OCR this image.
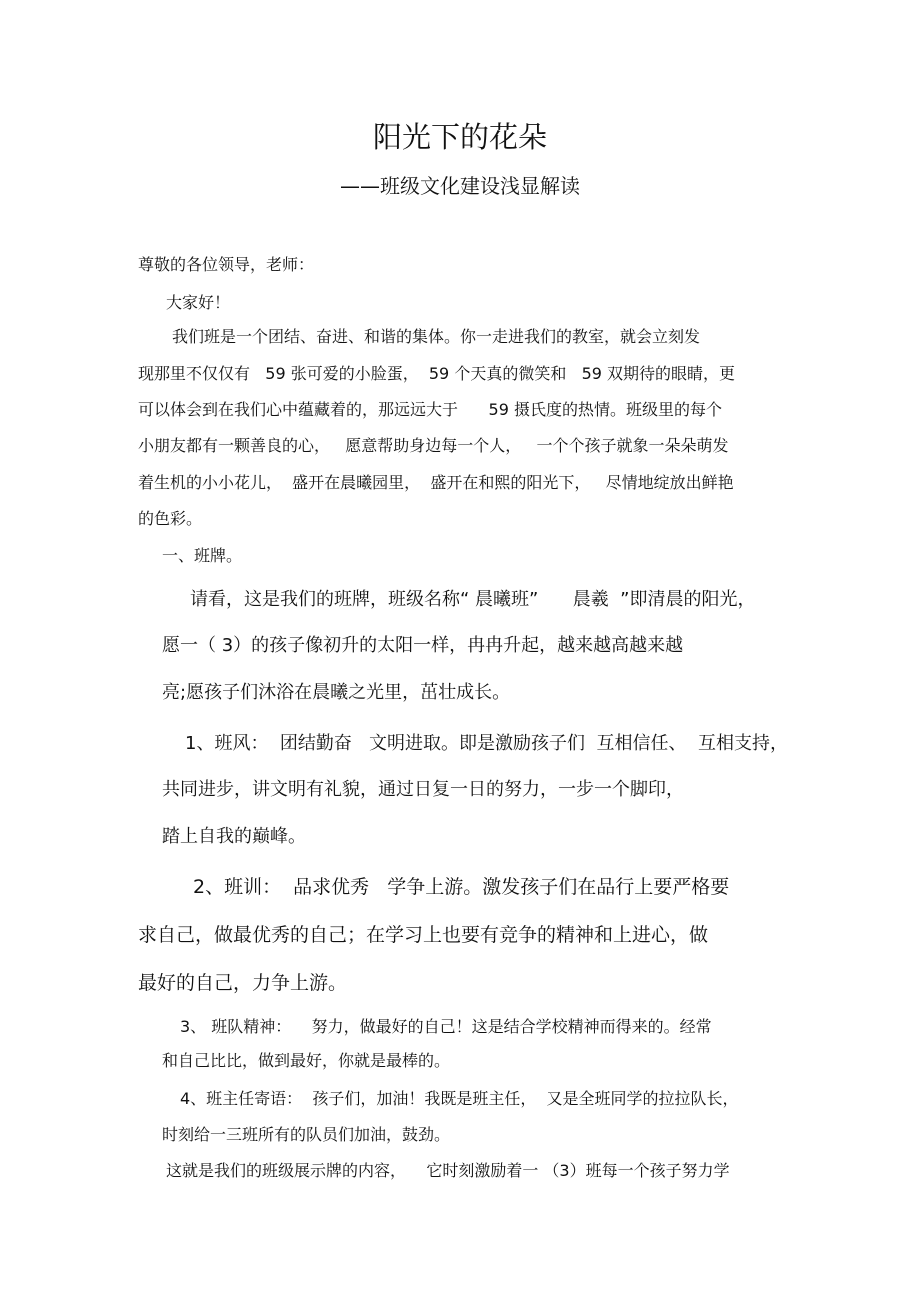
阳光下的花朵
——班级文化建设浅显解读
尊敬的各位领导，老师：
大家好！
我们班是一个团结、奋进、和谐的集体。你一走进我们的教室，就会立刻发
现那里不仅仅有   59 张可爱的小脸蛋，  59 个天真的微笑和   59 双期待的眼睛，更
可以体会到在我们心中蕴藏着的，那远远大于      59 摄氏度的热情。班级里的每个
小朋友都有一颗善良的心，   愿意帮助身边每一个人，   一个个孩子就象一朵朵萌发
着生机的小小花儿，  盛开在晨曦园里，  盛开在和熙的阳光下，   尽情地绽放出鲜艳
的色彩。
一、班牌。
请看，这是我们的班牌，班级名称“ 晨曦班”      晨羲  ”即清晨的阳光，
愿一（ 3）的孩子像初升的太阳一样，冉冉升起，越来越高越来越
亮;愿孩子们沐浴在晨曦之光里，茁壮成长。
1、班风：  团结勤奋   文明进取。即是激励孩子们  互相信任、  互相支持，
共同进步，讲文明有礼貌，通过日复一日的努力，一步一个脚印，
踏上自我的巅峰。
2、班训：  品求优秀   学争上游。激发孩子们在品行上要严格要
求自己，做最优秀的自己；在学习上也要有竞争的精神和上进心，做
最好的自己，力争上游。
3、 班队精神：    努力，做最好的自己！这是结合学校精神而得来的。经常
和自己比比，做到最好，你就是最棒的。
4、班主任寄语：  孩子们，加油！我既是班主任，  又是全班同学的拉拉队长，
时刻给一三班所有的队员们加油，鼓劲。
这就是我们的班级展示牌的内容，    它时刻激励着一 （3）班每一个孩子努力学
